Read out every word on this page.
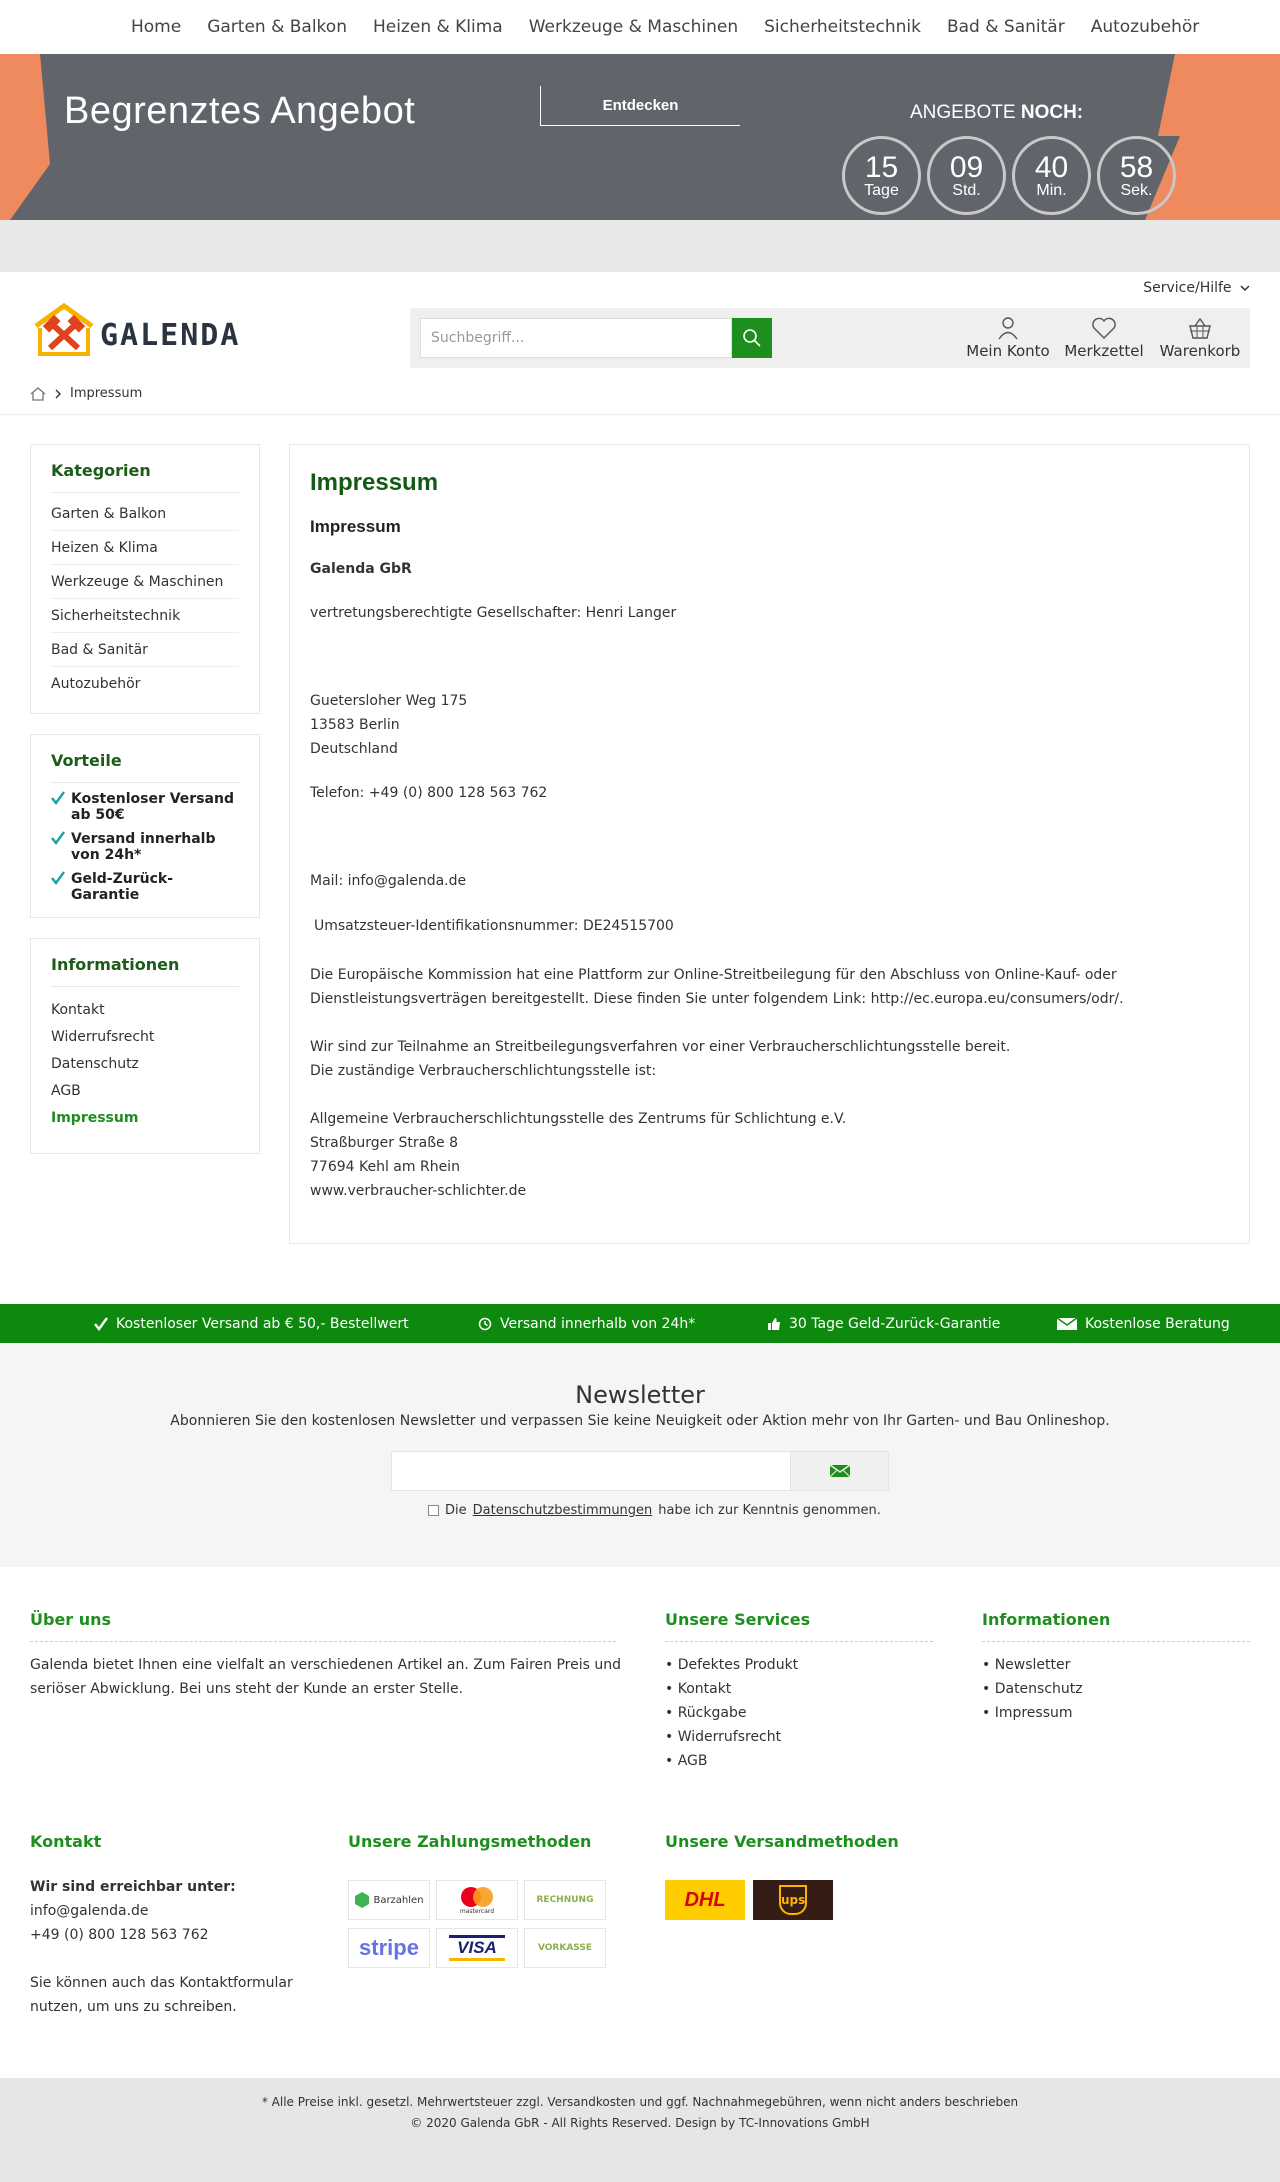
Home Garten & Balkon Heizen & Klima Werkzeuge & Maschinen Sicherheitstechnik Bad & Sanitär Autozubehör
Begrenztes Angebot	Entdecken	ANGEBOTE NOCH:
15
Tage
09
Std.
40
Min.
58
Sek.
Service/Hilfe
GALENDA	Suchbegriff...
Mein Konto Merkzettel	Warenkorb
Impressum
Kategorien
Garten & Balkon
Heizen & Klima
Werkzeuge & Maschinen
Sicherheitstechnik
Bad & Sanitär
Autozubehör
Vorteile
Kostenloser Versand ab 50€
Versand innerhalb von 24h*
Geld-Zurück-Garantie
Informationen
Kontakt
Widerrufsrecht
Datenschutz
AGB
Impressum
Impressum
Impressum
Galenda GbR
vertretungsberechtigte Gesellschafter: Henri Langer
Guetersloher Weg 175
13583 Berlin
Deutschland
Telefon: +49 (0) 800 128 563 762
Mail: info@galenda.de
Umsatzsteuer-Identifikationsnummer: DE24515700
Die Europäische Kommission hat eine Plattform zur Online-Streitbeilegung für den Abschluss von Online-Kauf- oder
Dienstleistungsverträgen bereitgestellt. Diese finden Sie unter folgendem Link: http://ec.europa.eu/consumers/odr/.
Wir sind zur Teilnahme an Streitbeilegungsverfahren vor einer Verbraucherschlichtungsstelle bereit.
Die zuständige Verbraucherschlichtungsstelle ist:
Allgemeine Verbraucherschlichtungsstelle des Zentrums für Schlichtung e.V.
Straßburger Straße 8
77694 Kehl am Rhein
www.verbraucher-schlichter.de
Kostenloser Versand ab € 50,- Bestellwert	Versand innerhalb von 24h*	30 Tage Geld-Zurück-Garantie	Kostenlose Beratung
Newsletter
Abonnieren Sie den kostenlosen Newsletter und verpassen Sie keine Neuigkeit oder Aktion mehr von Ihr Garten- und Bau Onlineshop.
Die Datenschutzbestimmungen habe ich zur Kenntnis genommen.
Über uns
Galenda bietet Ihnen eine vielfalt an verschiedenen Artikel an. Zum Fairen Preis und
seriöser Abwicklung. Bei uns steht der Kunde an erster Stelle.
Unsere Services
• Defektes Produkt
• Kontakt
• Rückgabe
• Widerrufsrecht
• AGB
Informationen
• Newsletter
• Datenschutz
• Impressum
Kontakt
Wir sind erreichbar unter:
info@galenda.de
+49 (0) 800 128 563 762
Sie können auch das Kontaktformular
nutzen, um uns zu schreiben.
Unsere Zahlungsmethoden
Barzahlen
mastercard
RECHNUNG
stripe	VISA	VORKASSE
Unsere Versandmethoden
DHL	ups

* Alle Preise inkl. gesetzl. Mehrwertsteuer zzgl. Versandkosten und ggf. Nachnahmegebühren, wenn nicht anders beschrieben

© 2020 Galenda GbR - All Rights Reserved. Design by TC-Innovations GmbH
